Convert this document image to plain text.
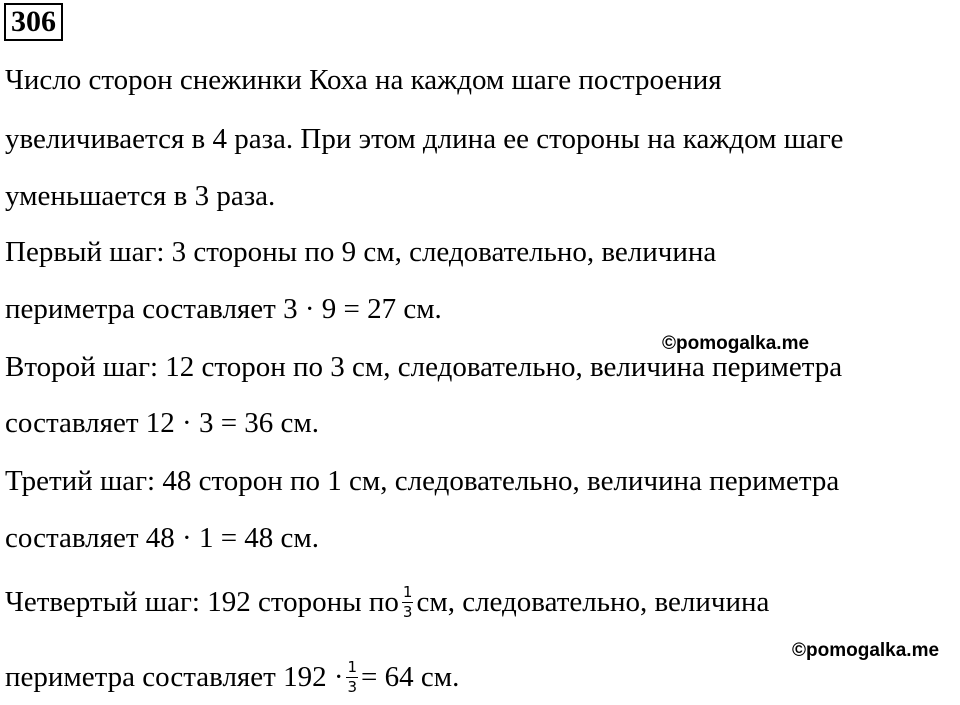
306
Число сторон снежинки Коха на каждом шаге построения
увеличивается в 4 раза. При этом длина ее стороны на каждом шаге
уменьшается в 3 раза.
Первый шаг: 3 стороны по 9 см, следовательно, величина
периметра составляет 3 · 9 = 27 см.
©pomogalka.me
Второй шаг: 12 сторон по 3 см, следовательно, величина периметра
составляет 12 · 3 = 36 см.
Третий шаг: 48 сторон по 1 см, следовательно, величина периметра
составляет 48 · 1 = 48 см.
Четвертый шаг: 192 стороны по $\frac{1}{3}$ см, следовательно, величина
©pomogalka.me
периметра составляет $192 \cdot \frac{1}{3} = 64$ см.
